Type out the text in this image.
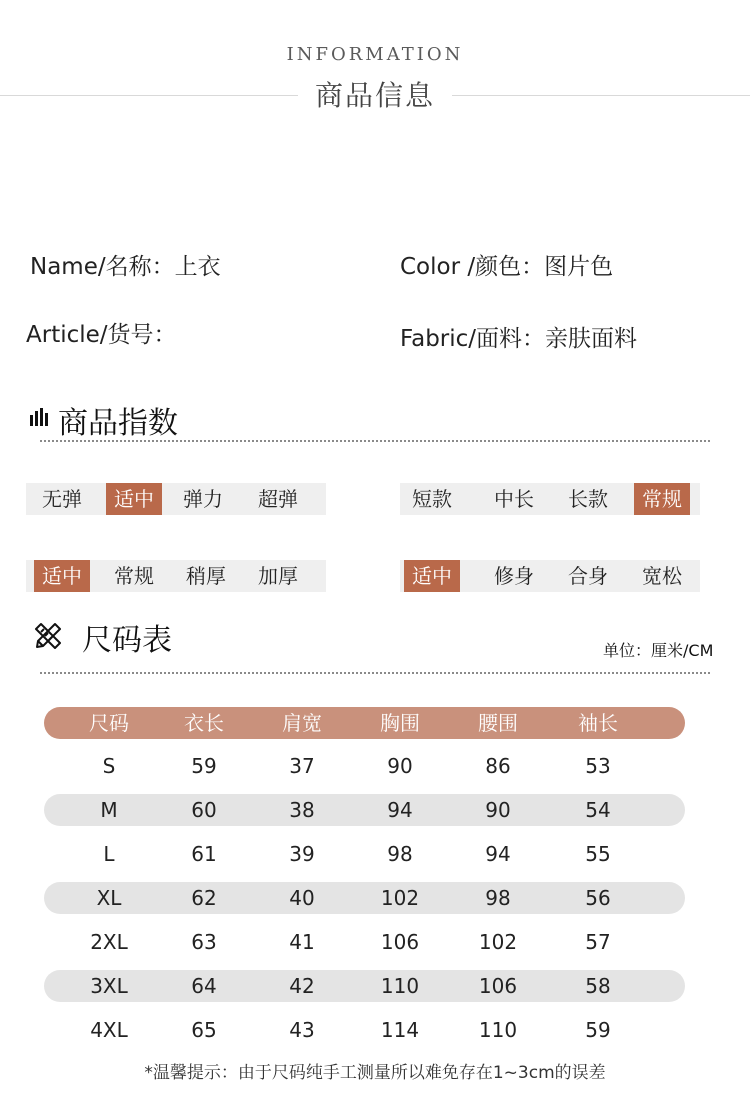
INFORMATION
商品信息
Name/名称：上衣	Color /颜色：图片色
Article/货号：	Fabric/面料：亲肤面料
商品指数
无弹	适中	弹力	超弹	短款	中长	长款	常规
适中	常规	稍厚	加厚	适中	修身	合身	宽松
尺码表	单位：厘米/CM
尺码	衣长	肩宽	胸围	腰围	袖长
S	59	37	90	86	53
M	60	38	94	90	54
L	61	39	98	94	55
XL	62	40	102	98	56
2XL	63	41	106	102	57
3XL	64	42	110	106	58
4XL	65	43	114	110	59
*温馨提示：由于尺码纯手工测量所以难免存在1~3cm的误差
